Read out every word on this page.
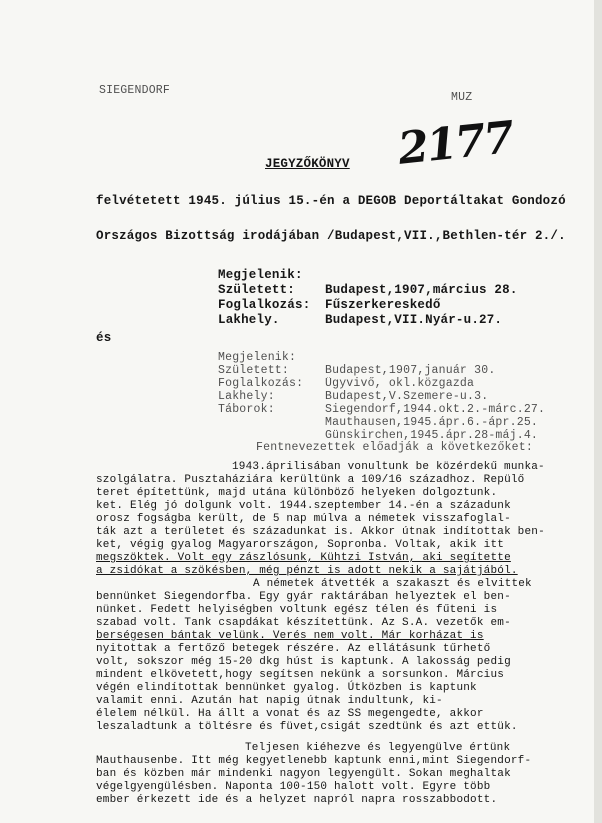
SIEGENDORF
MUZ
2177
JEGYZŐKÖNYV
felvétetett 1945. július 15.-én a DEGOB Deportáltakat Gondozó
Országos Bizottság irodájában /Budapest,VII.,Bethlen-tér 2./.
Megjelenik:
Született:
Foglalkozás:
Lakhely.
Budapest,1907,március 28.
Fűszerkereskedő
Budapest,VII.Nyár-u.27.
és
Megjelenik:
Született:
Foglalkozás:
Lakhely:
Táborok:
Budapest,1907,január 30.
Ügyvivő, okl.közgazda
Budapest,V.Szemere-u.3.
Siegendorf,1944.okt.2.-márc.27.
Mauthausen,1945.ápr.6.-ápr.25.
Günskirchen,1945.ápr.28-máj.4.
Fentnevezettek előadják a következőket:
1943.áprilisában vonultunk be közérdekű munka-
szolgálatra. Pusztaháziára kerültünk a 109/16 századhoz. Repülő
teret építettünk, majd utána különböző helyeken dolgoztunk.
ket. Elég jó dolgunk volt. 1944.szeptember 14.-én a századunk
orosz fogságba került, de 5 nap múlva a németek visszafoglal-
ták azt a területet és századunkat is. Akkor útnak indítottak ben-
ket, végig gyalog Magyarországon, Sopronba. Voltak, akik itt
megszöktek. Volt egy zászlósunk, Kühtzi István, aki segítette
a zsidókat a szökésben, még pénzt is adott nekik a sajátjából.
A németek átvették a szakaszt és elvittek
bennünket Siegendorfba. Egy gyár raktárában helyeztek el ben-
nünket. Fedett helyiségben voltunk egész télen és fűteni is
szabad volt. Tank csapdákat készítettünk. Az S.A. vezetők em-
berségesen bántak velünk. Verés nem volt. Már korházat is
nyitottak a fertőző betegek részére. Az ellátásunk tűrhető
volt, sokszor még 15-20 dkg húst is kaptunk. A lakosság pedig
mindent elkövetett,hogy segítsen nekünk a sorsunkon. Március
végén elindítottak bennünket gyalog. Útközben is kaptunk
valamit enni. Azután hat napig útnak indultunk, ki-
élelem nélkül. Ha állt a vonat és az SS megengedte, akkor
leszaladtunk a töltésre és füvet,csigát szedtünk és azt ettük.
Teljesen kiéhezve és legyengülve értünk
Mauthausenbe. Itt még kegyetlenebb kaptunk enni,mint Siegendorf-
ban és közben már mindenki nagyon legyengült. Sokan meghaltak
végelgyengülésben. Naponta 100-150 halott volt. Egyre több
ember érkezett ide és a helyzet napról napra rosszabbodott.
